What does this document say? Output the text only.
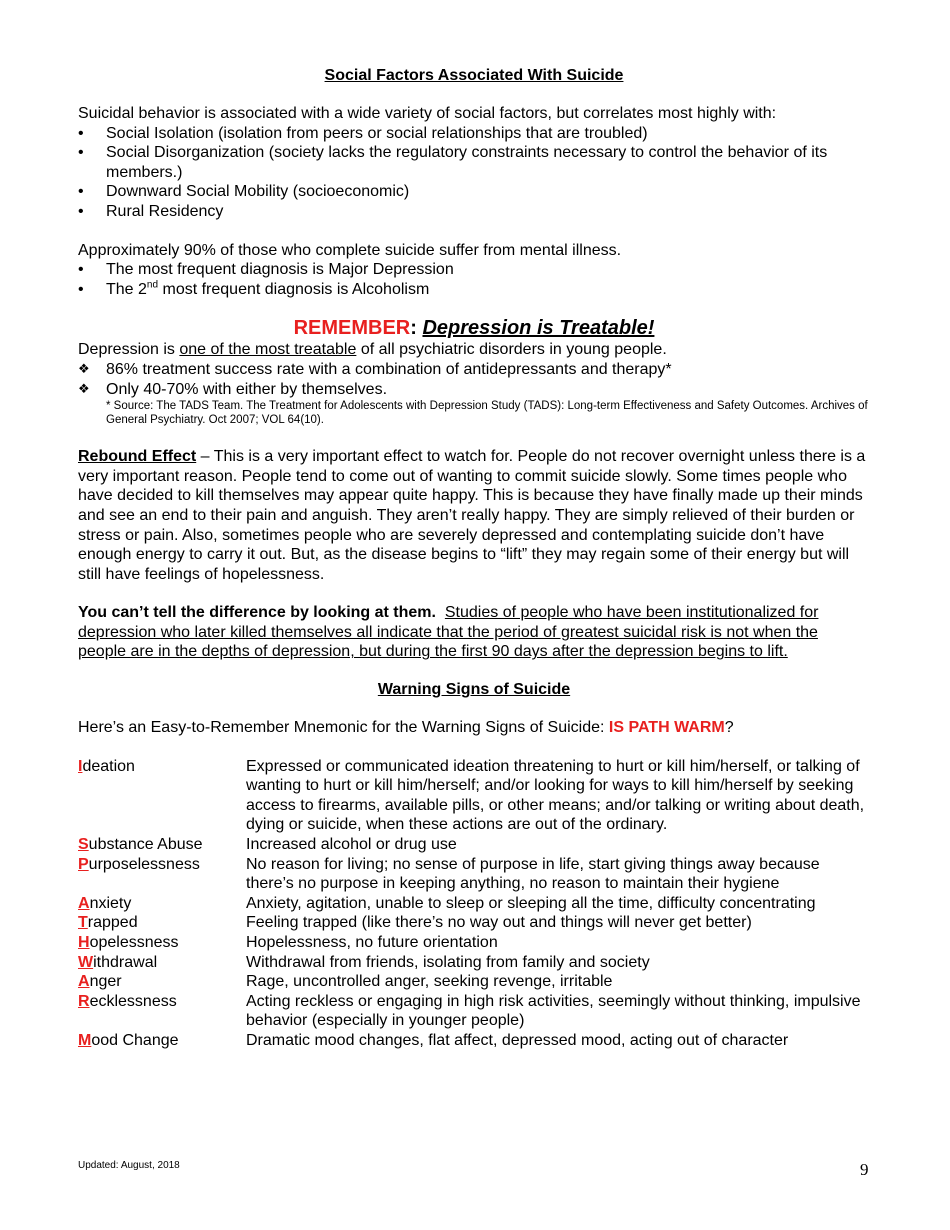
Social Factors Associated With Suicide

Suicidal behavior is associated with a wide variety of social factors, but correlates most highly with:

• Social Isolation (isolation from peers or social relationships that are troubled)
• Social Disorganization (society lacks the regulatory constraints necessary to control the behavior of its members.)
• Downward Social Mobility (socioeconomic)
• Rural Residency

Approximately 90% of those who complete suicide suffer from mental illness.

• The most frequent diagnosis is Major Depression
• The 2nd most frequent diagnosis is Alcoholism
REMEMBER: Depression is Treatable!

Depression is one of the most treatable of all psychiatric disorders in young people.

❖ 86% treatment success rate with a combination of antidepressants and therapy*
❖ Only 40-70% with either by themselves.
* Source: The TADS Team. The Treatment for Adolescents with Depression Study (TADS): Long-term Effectiveness and Safety Outcomes. Archives of General Psychiatry. Oct 2007; VOL 64(10).

Rebound Effect – This is a very important effect to watch for. People do not recover overnight unless there is a very important reason. People tend to come out of wanting to commit suicide slowly. Some times people who have decided to kill themselves may appear quite happy. This is because they have finally made up their minds and see an end to their pain and anguish. They aren’t really happy. They are simply relieved of their burden or stress or pain. Also, sometimes people who are severely depressed and contemplating suicide don’t have enough energy to carry it out. But, as the disease begins to “lift” they may regain some of their energy but will still have feelings of hopelessness.

You can’t tell the difference by looking at them. Studies of people who have been institutionalized for depression who later killed themselves all indicate that the period of greatest suicidal risk is not when the people are in the depths of depression, but during the first 90 days after the depression begins to lift.

Warning Signs of Suicide

Here’s an Easy-to-Remember Mnemonic for the Warning Signs of Suicide: IS PATH WARM?

Ideation	Expressed or communicated ideation threatening to hurt or kill him/herself, or talking of wanting to hurt or kill him/herself; and/or looking for ways to kill him/herself by seeking access to firearms, available pills, or other means; and/or talking or writing about death, dying or suicide, when these actions are out of the ordinary.
Substance Abuse	Increased alcohol or drug use
Purposelessness	No reason for living; no sense of purpose in life, start giving things away because there’s no purpose in keeping anything, no reason to maintain their hygiene
Anxiety	Anxiety, agitation, unable to sleep or sleeping all the time, difficulty concentrating
Trapped	Feeling trapped (like there’s no way out and things will never get better)
Hopelessness	Hopelessness, no future orientation
Withdrawal	Withdrawal from friends, isolating from family and society
Anger	Rage, uncontrolled anger, seeking revenge, irritable
Recklessness	Acting reckless or engaging in high risk activities, seemingly without thinking, impulsive behavior (especially in younger people)
Mood Change	Dramatic mood changes, flat affect, depressed mood, acting out of character
Updated: August, 2018	9
